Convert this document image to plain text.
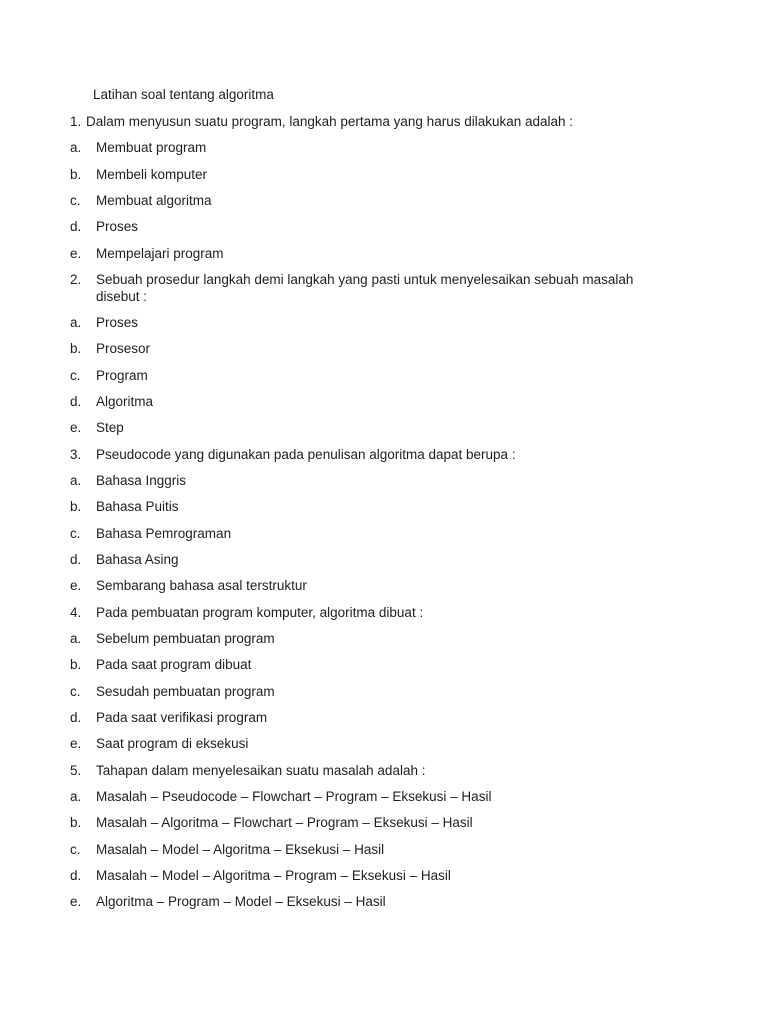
Latihan soal tentang algoritma
1. Dalam menyusun suatu program, langkah pertama yang harus dilakukan adalah :
a. Membuat program
b. Membeli komputer
c. Membuat algoritma
d. Proses
e. Mempelajari program
2. Sebuah prosedur langkah demi langkah yang pasti untuk menyelesaikan sebuah masalah disebut :
a. Proses
b. Prosesor
c. Program
d. Algoritma
e. Step
3. Pseudocode yang digunakan pada penulisan algoritma dapat berupa :
a. Bahasa Inggris
b. Bahasa Puitis
c. Bahasa Pemrograman
d. Bahasa Asing
e. Sembarang bahasa asal terstruktur
4. Pada pembuatan program komputer, algoritma dibuat :
a. Sebelum pembuatan program
b. Pada saat program dibuat
c. Sesudah pembuatan program
d. Pada saat verifikasi program
e. Saat program di eksekusi
5. Tahapan dalam menyelesaikan suatu masalah adalah :
a. Masalah – Pseudocode – Flowchart – Program – Eksekusi – Hasil
b. Masalah – Algoritma – Flowchart – Program – Eksekusi – Hasil
c. Masalah – Model – Algoritma – Eksekusi – Hasil
d. Masalah – Model – Algoritma – Program – Eksekusi – Hasil
e. Algoritma – Program – Model – Eksekusi – Hasil
